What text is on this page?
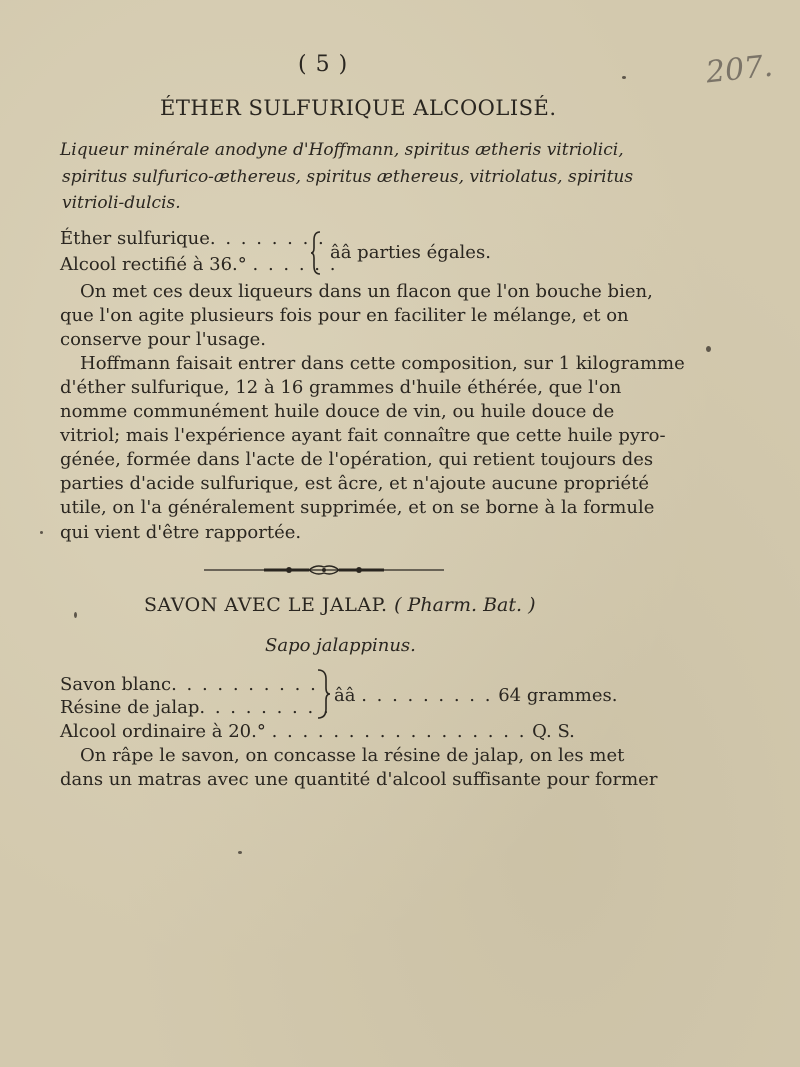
( 5 )	207.
ÉTHER SULFURIQUE ALCOOLISÉ.
Liqueur minérale anodyne d'Hoffmann, spiritus ætheris vitriolici,
spiritus sulfurico-æthereus, spiritus æthereus, vitriolatus, spiritus
vitrioli-dulcis.
Éther sulfurique. . . . . . . .
Alcool rectifié à 36.° . . . . . .
ââ parties égales.
On met ces deux liqueurs dans un flacon que l'on bouche bien,
que l'on agite plusieurs fois pour en faciliter le mélange, et on
conserve pour l'usage.
Hoffmann faisait entrer dans cette composition, sur 1 kilogramme
d'éther sulfurique, 12 à 16 grammes d'huile éthérée, que l'on
nomme communément huile douce de vin, ou huile douce de
vitriol; mais l'expérience ayant fait connaître que cette huile pyro-
génée, formée dans l'acte de l'opération, qui retient toujours des
parties d'acide sulfurique, est âcre, et n'ajoute aucune propriété
utile, on l'a généralement supprimée, et on se borne à la formule
qui vient d'être rapportée.
SAVON AVEC LE JALAP. ( Pharm. Bat. )
Sapo jalappinus.
Savon blanc. . . . . . . . . .
Résine de jalap. . . . . . . . .
ââ . . . . . . . . . 64 grammes.
Alcool ordinaire à 20.° . . . . . . . . . . . . . . . . . Q. S.
On râpe le savon, on concasse la résine de jalap, on les met
dans un matras avec une quantité d'alcool suffisante pour former
